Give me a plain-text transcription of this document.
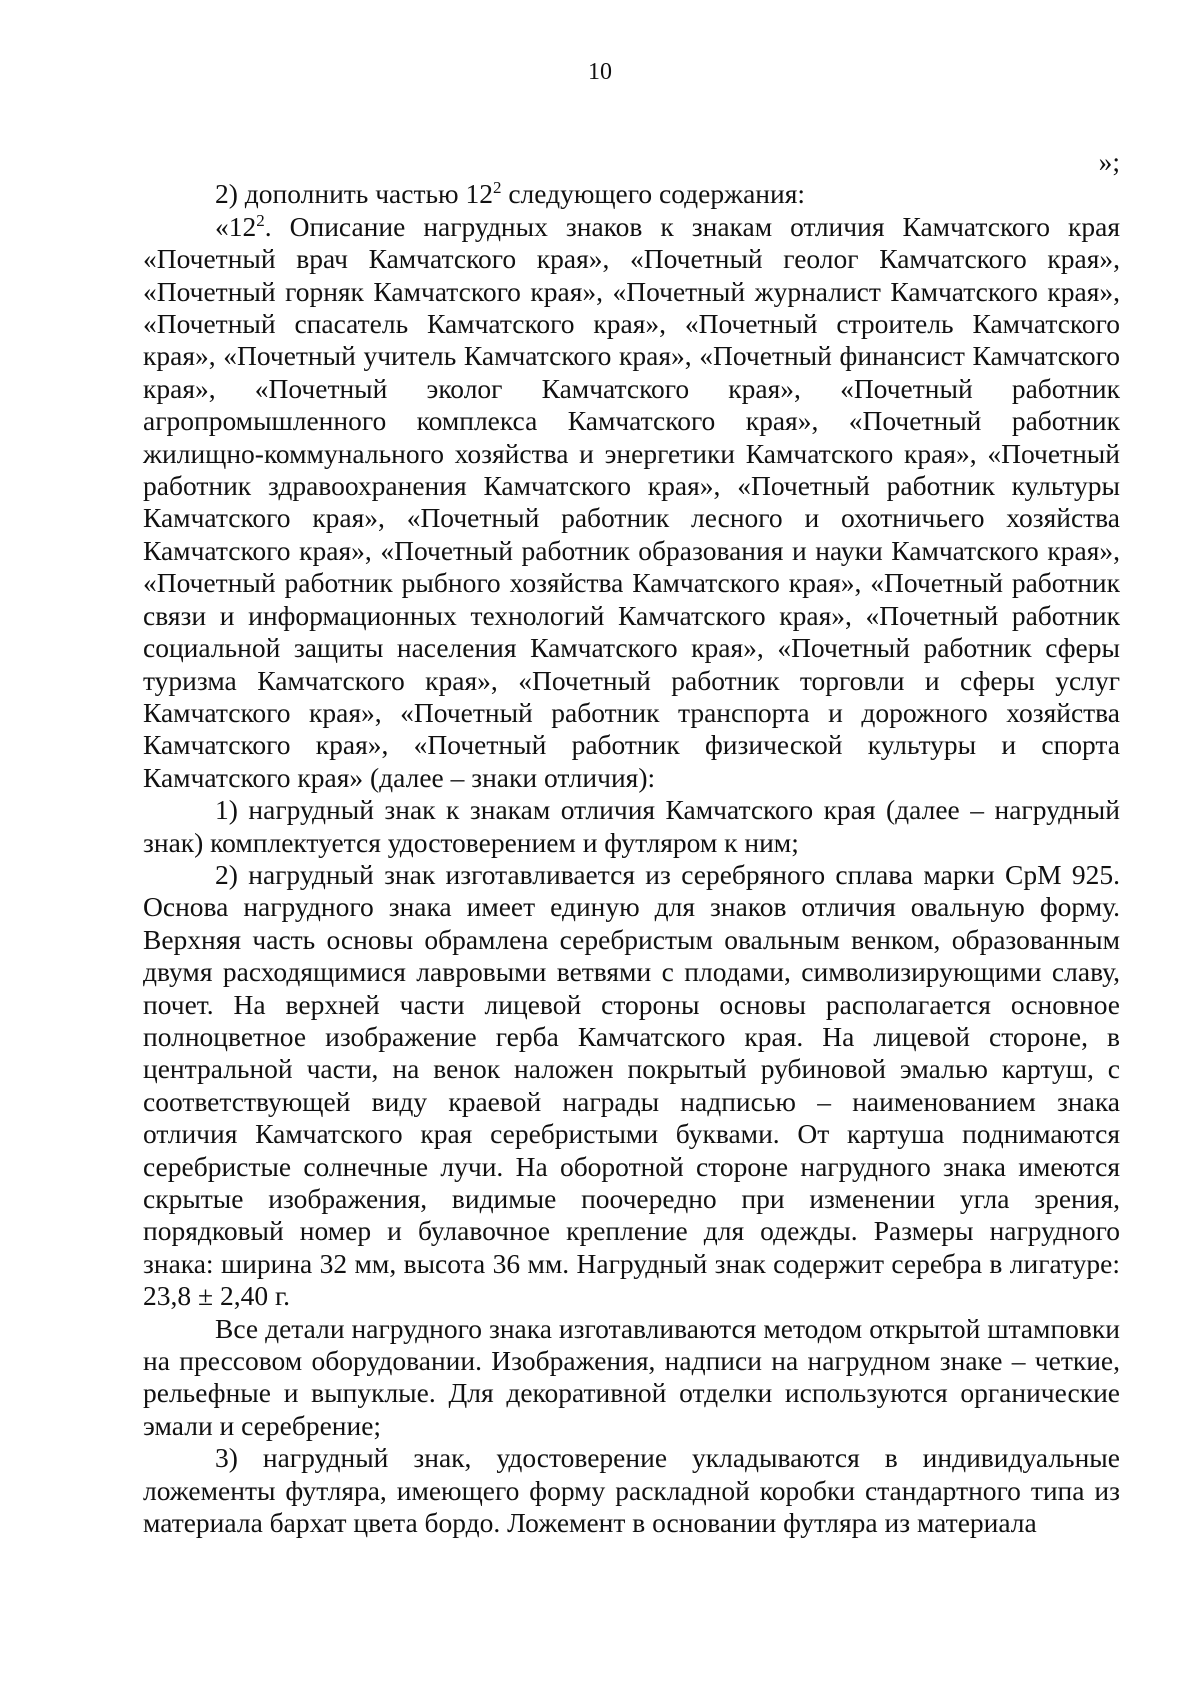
10

»;

2) дополнить частью $12^2$ следующего содержания:

«$12^2$. Описание нагрудных знаков к знакам отличия Камчатского края «Почетный врач Камчатского края», «Почетный геолог Камчатского края», «Почетный горняк Камчатского края», «Почетный журналист Камчатского края», «Почетный спасатель Камчатского края», «Почетный строитель Камчатского края», «Почетный учитель Камчатского края», «Почетный финансист Камчатского края», «Почетный эколог Камчатского края», «Почетный работник агропромышленного комплекса Камчатского края», «Почетный работник жилищно-коммунального хозяйства и энергетики Камчатского края», «Почетный работник здравоохранения Камчатского края», «Почетный работник культуры Камчатского края», «Почетный работник лесного и охотничьего хозяйства Камчатского края», «Почетный работник образования и науки Камчатского края», «Почетный работник рыбного хозяйства Камчатского края», «Почетный работник связи и информационных технологий Камчатского края», «Почетный работник социальной защиты населения Камчатского края», «Почетный работник сферы туризма Камчатского края», «Почетный работник торговли и сферы услуг Камчатского края», «Почетный работник транспорта и дорожного хозяйства Камчатского края», «Почетный работник физической культуры и спорта Камчатского края» (далее – знаки отличия):

1) нагрудный знак к знакам отличия Камчатского края (далее – нагрудный знак) комплектуется удостоверением и футляром к ним;

2) нагрудный знак изготавливается из серебряного сплава марки СрМ 925. Основа нагрудного знака имеет единую для знаков отличия овальную форму. Верхняя часть основы обрамлена серебристым овальным венком, образованным двумя расходящимися лавровыми ветвями с плодами, символизирующими славу, почет. На верхней части лицевой стороны основы располагается основное полноцветное изображение герба Камчатского края. На лицевой стороне, в центральной части, на венок наложен покрытый рубиновой эмалью картуш, с соответствующей виду краевой награды надписью – наименованием знака отличия Камчатского края серебристыми буквами. От картуша поднимаются серебристые солнечные лучи. На оборотной стороне нагрудного знака имеются скрытые изображения, видимые поочередно при изменении угла зрения, порядковый номер и булавочное крепление для одежды. Размеры нагрудного знака: ширина 32 мм, высота 36 мм. Нагрудный знак содержит серебра в лигатуре: 23,8 ± 2,40 г.

Все детали нагрудного знака изготавливаются методом открытой штамповки на прессовом оборудовании. Изображения, надписи на нагрудном знаке – четкие, рельефные и выпуклые. Для декоративной отделки используются органические эмали и серебрение;

3) нагрудный знак, удостоверение укладываются в индивидуальные ложементы футляра, имеющего форму раскладной коробки стандартного типа из материала бархат цвета бордо. Ложемент в основании футляра из материала
